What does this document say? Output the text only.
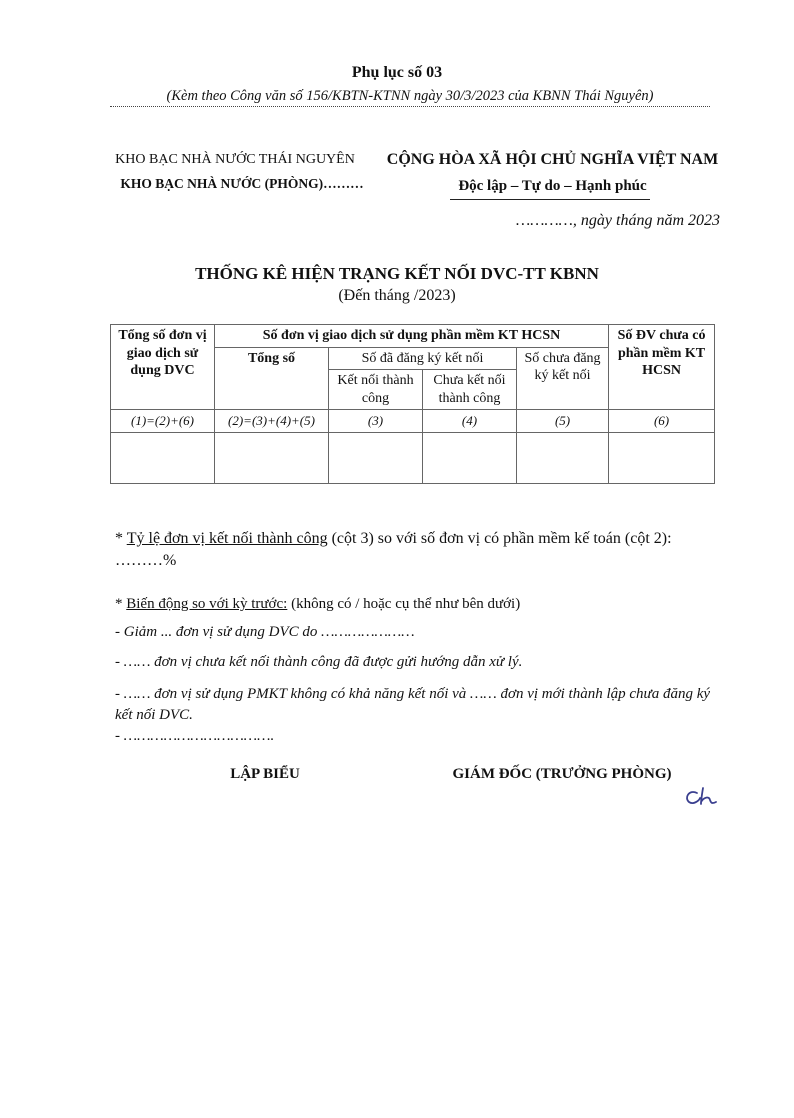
Phụ lục số 03
(Kèm theo Công văn số 156/KBTN-KTNN ngày 30/3/2023 của KBNN Thái Nguyên)
KHO BẠC NHÀ NƯỚC THÁI NGUYÊN
KHO BẠC NHÀ NƯỚC (PHÒNG)………
CỘNG HÒA XÃ HỘI CHỦ NGHĨA VIỆT NAM
Độc lập – Tự do – Hạnh phúc
…………, ngày tháng năm 2023
THỐNG KÊ HIỆN TRẠNG KẾT NỐI DVC-TT KBNN
(Đến tháng /2023)
Tổng số đơn vị giao dịch sử dụng DVC	Số đơn vị giao dịch sử dụng phần mềm KT HCSN				Số ĐV chưa có phần mềm KT HCSN
	Tổng số	Số đã đăng ký kết nối		Số chưa đăng ký kết nối	
		Kết nối thành công	Chưa kết nối thành công		
(1)=(2)+(6)	(2)=(3)+(4)+(5)	(3)	(4)	(5)	(6)

* Tỷ lệ đơn vị kết nối thành công (cột 3) so với số đơn vị có phần mềm kế toán (cột 2): ………%
* Biến động so với kỳ trước: (không có / hoặc cụ thể như bên dưới)
- Giảm ... đơn vị sử dụng DVC do …………………
- …… đơn vị chưa kết nối thành công đã được gửi hướng dẫn xử lý.
- …… đơn vị sử dụng PMKT không có khả năng kết nối và …… đơn vị mới thành lập chưa đăng ký kết nối DVC.
- …………………………….
LẬP BIỂU	GIÁM ĐỐC (TRƯỞNG PHÒNG)
